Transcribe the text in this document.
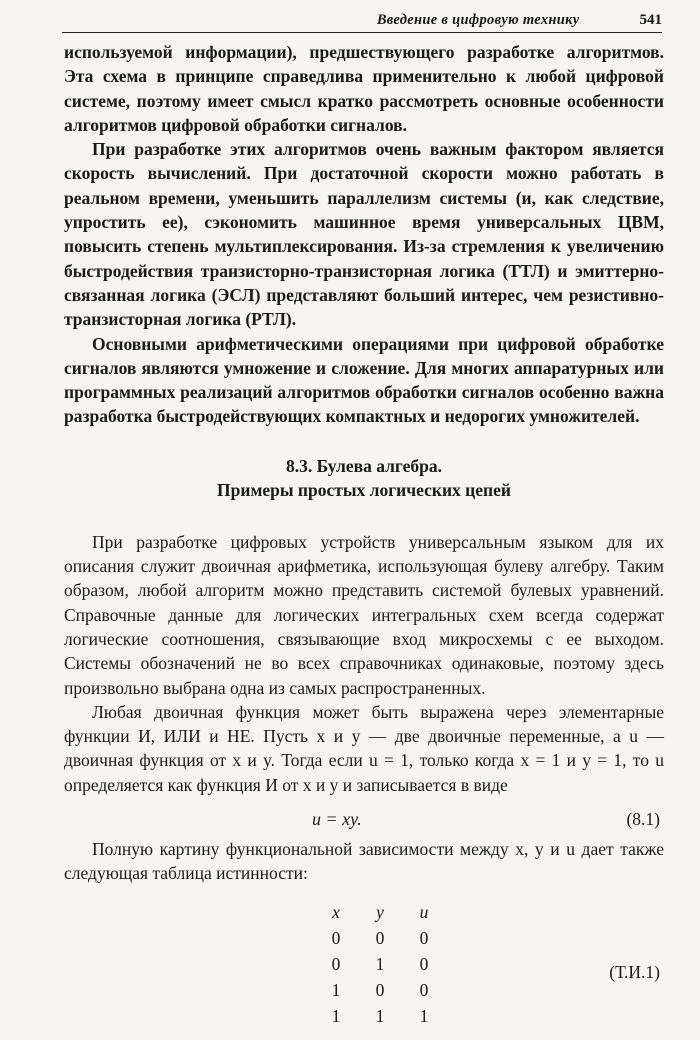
Введение в цифровую технику	541

используемой информации), предшествующего разработке алгоритмов. Эта схема в принципе справедлива применительно к любой цифровой системе, поэтому имеет смысл кратко рассмотреть основные особенности алгоритмов цифровой обработки сигналов.

При разработке этих алгоритмов очень важным фактором является скорость вычислений. При достаточной скорости можно работать в реальном времени, уменьшить параллелизм системы (и, как следствие, упростить ее), сэкономить машинное время универсальных ЦВМ, повысить степень мультиплексирования. Из-за стремления к увеличению быстродействия транзисторно-транзисторная логика (ТТЛ) и эмиттерно-связанная логика (ЭСЛ) представляют больший интерес, чем резистивно-транзисторная логика (РТЛ).

Основными арифметическими операциями при цифровой обработке сигналов являются умножение и сложение. Для многих аппаратурных или программных реализаций алгоритмов обработки сигналов особенно важна разработка быстродействующих компактных и недорогих умножителей.

8.3. Булева алгебра.
Примеры простых логических цепей

При разработке цифровых устройств универсальным языком для их описания служит двоичная арифметика, использующая булеву алгебру. Таким образом, любой алгоритм можно представить системой булевых уравнений. Справочные данные для логических интегральных схем всегда содержат логические соотношения, связывающие вход микросхемы с ее выходом. Системы обозначений не во всех справочниках одинаковые, поэтому здесь произвольно выбрана одна из самых распространенных.

Любая двоичная функция может быть выражена через элементарные функции И, ИЛИ и НЕ. Пусть x и y — две двоичные переменные, а u — двоичная функция от x и y. Тогда если u = 1, только когда x = 1 и y = 1, то u определяется как функция И от x и y и записывается в виде

u = xy.	(8.1)

Полную картину функциональной зависимости между x, y и u дает также следующая таблица истинности:

x	y	u
0	0	0
0	1	0
1	0	0
1	1	1
(Т.И.1)
